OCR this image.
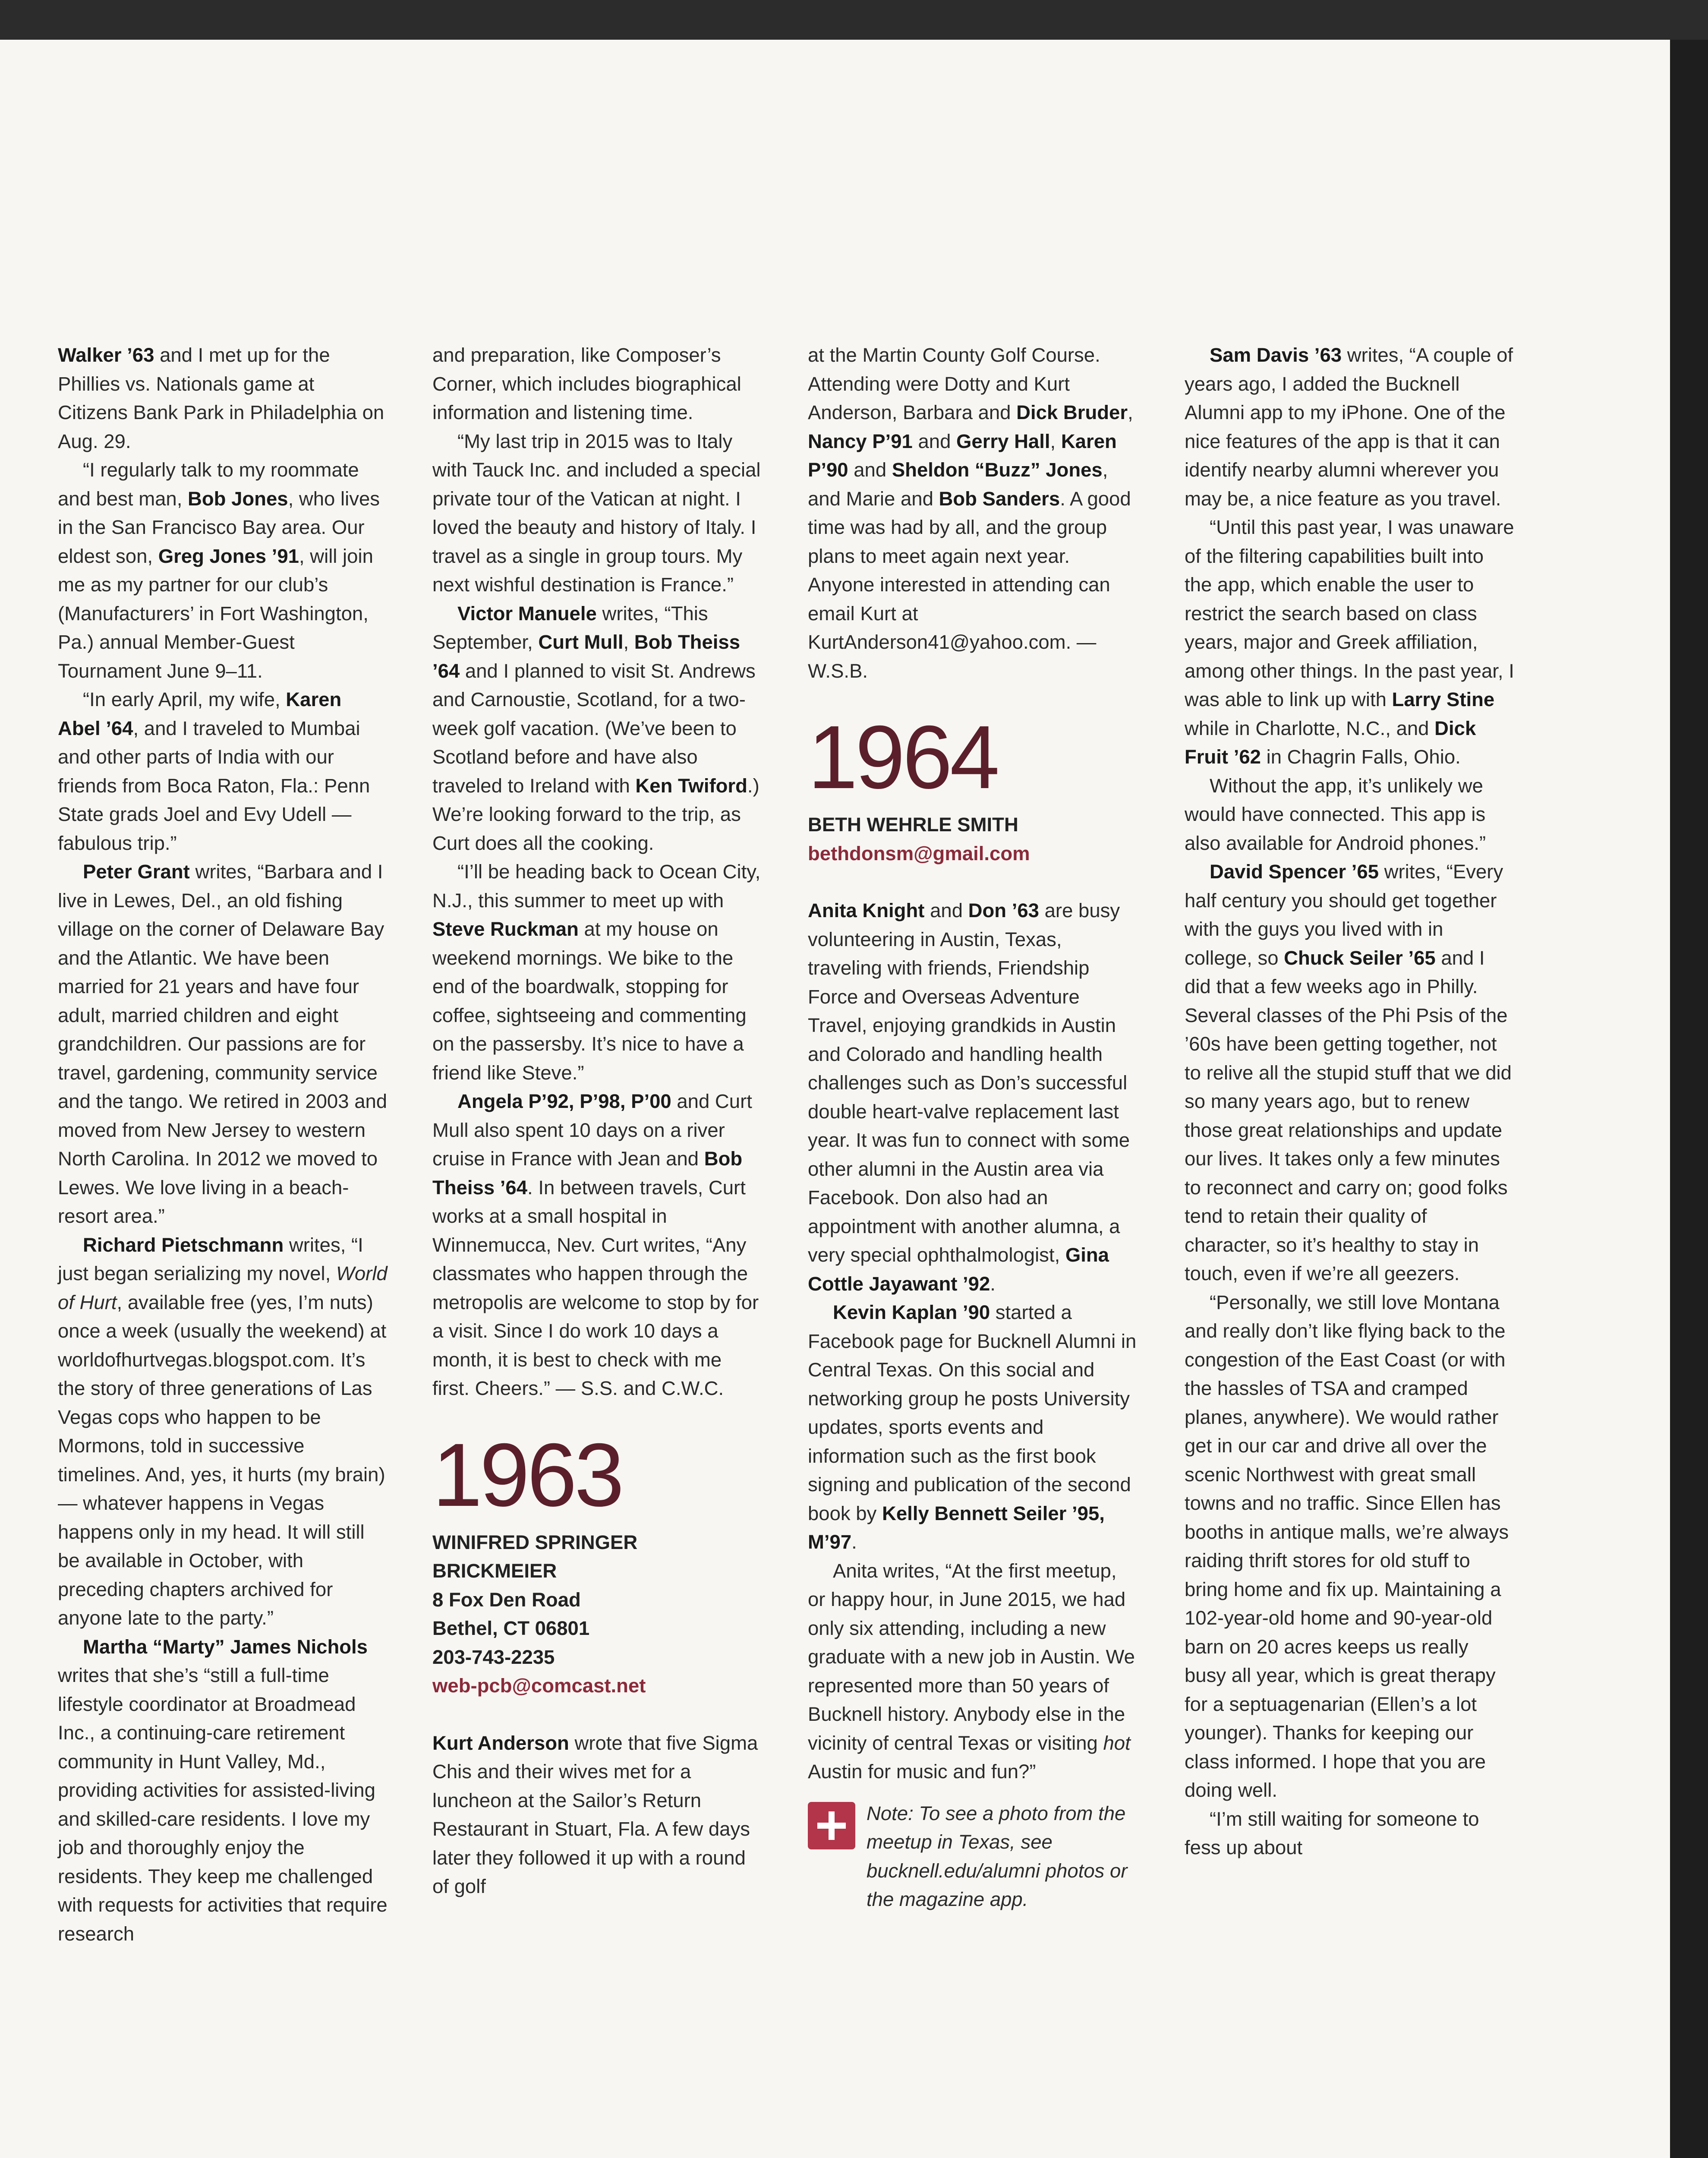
Walker ’63 and I met up for the Phillies vs. Nationals game at Citizens Bank Park in Philadelphia on Aug. 29.

“I regularly talk to my roommate and best man, Bob Jones, who lives in the San Francisco Bay area. Our eldest son, Greg Jones ’91, will join me as my partner for our club’s (Manufacturers’ in Fort Washington, Pa.) annual Member-Guest Tournament June 9–11.

“In early April, my wife, Karen Abel ’64, and I traveled to Mumbai and other parts of India with our friends from Boca Raton, Fla.: Penn State grads Joel and Evy Udell — fabulous trip.”

Peter Grant writes, “Barbara and I live in Lewes, Del., an old fishing village on the corner of Delaware Bay and the Atlantic. We have been married for 21 years and have four adult, married children and eight grandchildren. Our passions are for travel, gardening, community service and the tango. We retired in 2003 and moved from New Jersey to western North Carolina. In 2012 we moved to Lewes. We love living in a beach-resort area.”

Richard Pietschmann writes, “I just began serializing my novel, World of Hurt, available free (yes, I’m nuts) once a week (usually the weekend) at worldofhurtvegas.blogspot.com. It’s the story of three generations of Las Vegas cops who happen to be Mormons, told in successive timelines. And, yes, it hurts (my brain) — whatever happens in Vegas happens only in my head. It will still be available in October, with preceding chapters archived for anyone late to the party.”

Martha “Marty” James Nichols writes that she’s “still a full-time lifestyle coordinator at Broadmead Inc., a continuing-care retirement community in Hunt Valley, Md., providing activities for assisted-living and skilled-care residents. I love my job and thoroughly enjoy the residents. They keep me challenged with requests for activities that require research

and preparation, like Composer’s Corner, which includes biographical information and listening time.

“My last trip in 2015 was to Italy with Tauck Inc. and included a special private tour of the Vatican at night. I loved the beauty and history of Italy. I travel as a single in group tours. My next wishful destination is France.”

Victor Manuele writes, “This September, Curt Mull, Bob Theiss ’64 and I planned to visit St. Andrews and Carnoustie, Scotland, for a two-week golf vacation. (We’ve been to Scotland before and have also traveled to Ireland with Ken Twiford.) We’re looking forward to the trip, as Curt does all the cooking.

“I’ll be heading back to Ocean City, N.J., this summer to meet up with Steve Ruckman at my house on weekend mornings. We bike to the end of the boardwalk, stopping for coffee, sightseeing and commenting on the passersby. It’s nice to have a friend like Steve.”

Angela P’92, P’98, P’00 and Curt Mull also spent 10 days on a river cruise in France with Jean and Bob Theiss ’64. In between travels, Curt works at a small hospital in Winnemucca, Nev. Curt writes, “Any classmates who happen through the metropolis are welcome to stop by for a visit. Since I do work 10 days a month, it is best to check with me first. Cheers.” — S.S. and C.W.C.

1963
WINIFRED SPRINGER
BRICKMEIER
8 Fox Den Road
Bethel, CT 06801
203-743-2235
web-pcb@comcast.net

Kurt Anderson wrote that five Sigma Chis and their wives met for a luncheon at the Sailor’s Return Restaurant in Stuart, Fla. A few days later they followed it up with a round of golf

at the Martin County Golf Course. Attending were Dotty and Kurt Anderson, Barbara and Dick Bruder, Nancy P’91 and Gerry Hall, Karen P’90 and Sheldon “Buzz” Jones, and Marie and Bob Sanders. A good time was had by all, and the group plans to meet again next year. Anyone interested in attending can email Kurt at KurtAnderson41@yahoo.com. — W.S.B.

1964
BETH WEHRLE SMITH
bethdonsm@gmail.com

Anita Knight and Don ’63 are busy volunteering in Austin, Texas, traveling with friends, Friendship Force and Overseas Adventure Travel, enjoying grandkids in Austin and Colorado and handling health challenges such as Don’s successful double heart-valve replacement last year. It was fun to connect with some other alumni in the Austin area via Facebook. Don also had an appointment with another alumna, a very special ophthalmologist, Gina Cottle Jayawant ’92.

Kevin Kaplan ’90 started a Facebook page for Bucknell Alumni in Central Texas. On this social and networking group he posts University updates, sports events and information such as the first book signing and publication of the second book by Kelly Bennett Seiler ’95, M’97.

Anita writes, “At the first meetup, or happy hour, in June 2015, we had only six attending, including a new graduate with a new job in Austin. We represented more than 50 years of Bucknell history. Anybody else in the vicinity of central Texas or visiting hot Austin for music and fun?”

Note: To see a photo from the meetup in Texas, see bucknell.edu/alumni photos or the magazine app.

Sam Davis ’63 writes, “A couple of years ago, I added the Bucknell Alumni app to my iPhone. One of the nice features of the app is that it can identify nearby alumni wherever you may be, a nice feature as you travel.

“Until this past year, I was unaware of the filtering capabilities built into the app, which enable the user to restrict the search based on class years, major and Greek affiliation, among other things. In the past year, I was able to link up with Larry Stine while in Charlotte, N.C., and Dick Fruit ’62 in Chagrin Falls, Ohio.

Without the app, it’s unlikely we would have connected. This app is also available for Android phones.”

David Spencer ’65 writes, “Every half century you should get together with the guys you lived with in college, so Chuck Seiler ’65 and I did that a few weeks ago in Philly. Several classes of the Phi Psis of the ’60s have been getting together, not to relive all the stupid stuff that we did so many years ago, but to renew those great relationships and update our lives. It takes only a few minutes to reconnect and carry on; good folks tend to retain their quality of character, so it’s healthy to stay in touch, even if we’re all geezers.

“Personally, we still love Montana and really don’t like flying back to the congestion of the East Coast (or with the hassles of TSA and cramped planes, anywhere). We would rather get in our car and drive all over the scenic Northwest with great small towns and no traffic. Since Ellen has booths in antique malls, we’re always raiding thrift stores for old stuff to bring home and fix up. Maintaining a 102-year-old home and 90-year-old barn on 20 acres keeps us really busy all year, which is great therapy for a septuagenarian (Ellen’s a lot younger). Thanks for keeping our class informed. I hope that you are doing well.

“I’m still waiting for someone to fess up about
